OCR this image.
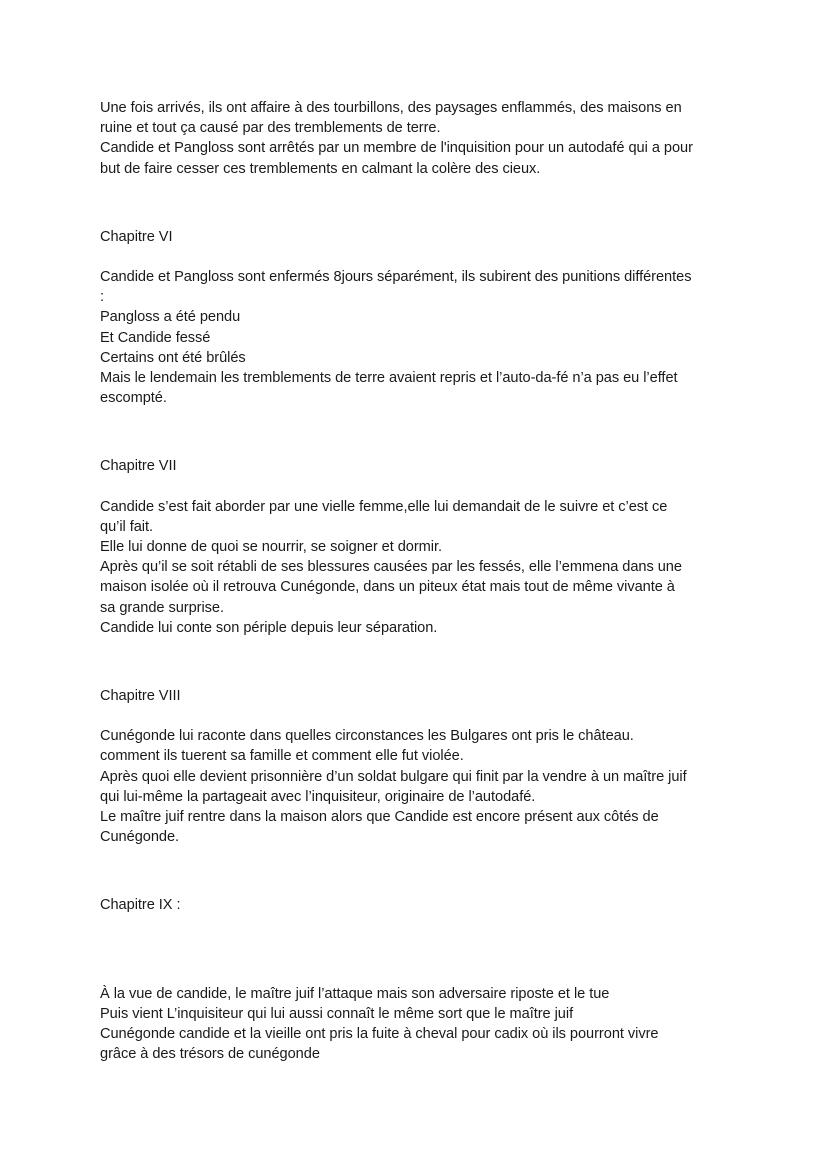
Une fois arrivés, ils ont affaire à des tourbillons, des paysages enflammés, des maisons en
ruine et tout ça causé par des tremblements de terre.
Candide et Pangloss sont arrêtés par un membre de l'inquisition pour un autodafé qui a pour
but de faire cesser ces tremblements en calmant la colère des cieux.
Chapitre VI
Candide et Pangloss sont enfermés 8jours séparément, ils subirent des punitions différentes
:
Pangloss a été pendu
Et Candide fessé
Certains ont été brûlés
Mais le lendemain les tremblements de terre avaient repris et l’auto-da-fé n’a pas eu l’effet
escompté.
Chapitre VII
Candide s’est fait aborder par une vielle femme,elle lui demandait de le suivre et c’est ce
qu’il fait.
Elle lui donne de quoi se nourrir, se soigner et dormir.
Après qu’il se soit rétabli de ses blessures causées par les fessés, elle l’emmena dans une
maison isolée où il retrouva Cunégonde, dans un piteux état mais tout de même vivante à
sa grande surprise.
Candide lui conte son périple depuis leur séparation.
Chapitre VIII
Cunégonde lui raconte dans quelles circonstances les Bulgares ont pris le château.
comment ils tuerent sa famille et comment elle fut violée.
Après quoi elle devient prisonnière d’un soldat bulgare qui finit par la vendre à un maître juif
qui lui-même la partageait avec l’inquisiteur, originaire de l’autodafé.
Le maître juif rentre dans la maison alors que Candide est encore présent aux côtés de
Cunégonde.
Chapitre IX :
À la vue de candide, le maître juif l’attaque mais son adversaire riposte et le tue
Puis vient L’inquisiteur qui lui aussi connaît le même sort que le maître juif
Cunégonde candide et la vieille ont pris la fuite à cheval pour cadix où ils pourront vivre
grâce à des trésors de cunégonde
